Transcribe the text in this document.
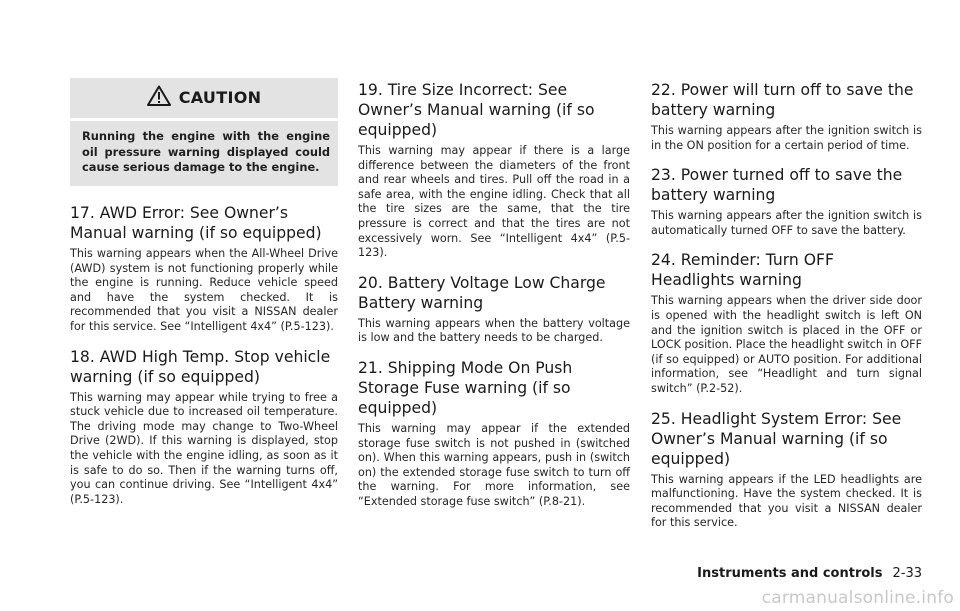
CAUTION
Running the engine with the engine oil pressure warning displayed could cause serious damage to the engine.
17. AWD Error: See Owner’s Manual warning (if so equipped)

This warning appears when the All-Wheel Drive (AWD) system is not functioning properly while the engine is running. Reduce vehicle speed and have the system checked. It is recommended that you visit a NISSAN dealer for this service. See “Intelligent 4x4” (P.5-123).

18. AWD High Temp. Stop vehicle warning (if so equipped)

This warning may appear while trying to free a stuck vehicle due to increased oil temperature. The driving mode may change to Two-Wheel Drive (2WD). If this warning is displayed, stop the vehicle with the engine idling, as soon as it is safe to do so. Then if the warning turns off, you can continue driving. See “Intelligent 4x4” (P.5-123).

19. Tire Size Incorrect: See Owner’s Manual warning (if so equipped)

This warning may appear if there is a large difference between the diameters of the front and rear wheels and tires. Pull off the road in a safe area, with the engine idling. Check that all the tire sizes are the same, that the tire pressure is correct and that the tires are not excessively worn. See “Intelligent 4x4” (P.5-123).

20. Battery Voltage Low Charge Battery warning

This warning appears when the battery voltage is low and the battery needs to be charged.

21. Shipping Mode On Push Storage Fuse warning (if so equipped)

This warning may appear if the extended storage fuse switch is not pushed in (switched on). When this warning appears, push in (switch on) the extended storage fuse switch to turn off the warning. For more information, see “Extended storage fuse switch” (P.8-21).

22. Power will turn off to save the battery warning

This warning appears after the ignition switch is in the ON position for a certain period of time.

23. Power turned off to save the battery warning

This warning appears after the ignition switch is automatically turned OFF to save the battery.

24. Reminder: Turn OFF Headlights warning

This warning appears when the driver side door is opened with the headlight switch is left ON and the ignition switch is placed in the OFF or LOCK position. Place the headlight switch in OFF (if so equipped) or AUTO position. For additional information, see “Headlight and turn signal switch” (P.2-52).

25. Headlight System Error: See Owner’s Manual warning (if so equipped)

This warning appears if the LED headlights are malfunctioning. Have the system checked. It is recommended that you visit a NISSAN dealer for this service.

Instruments and controls 2-33
carmanualsonline.info
